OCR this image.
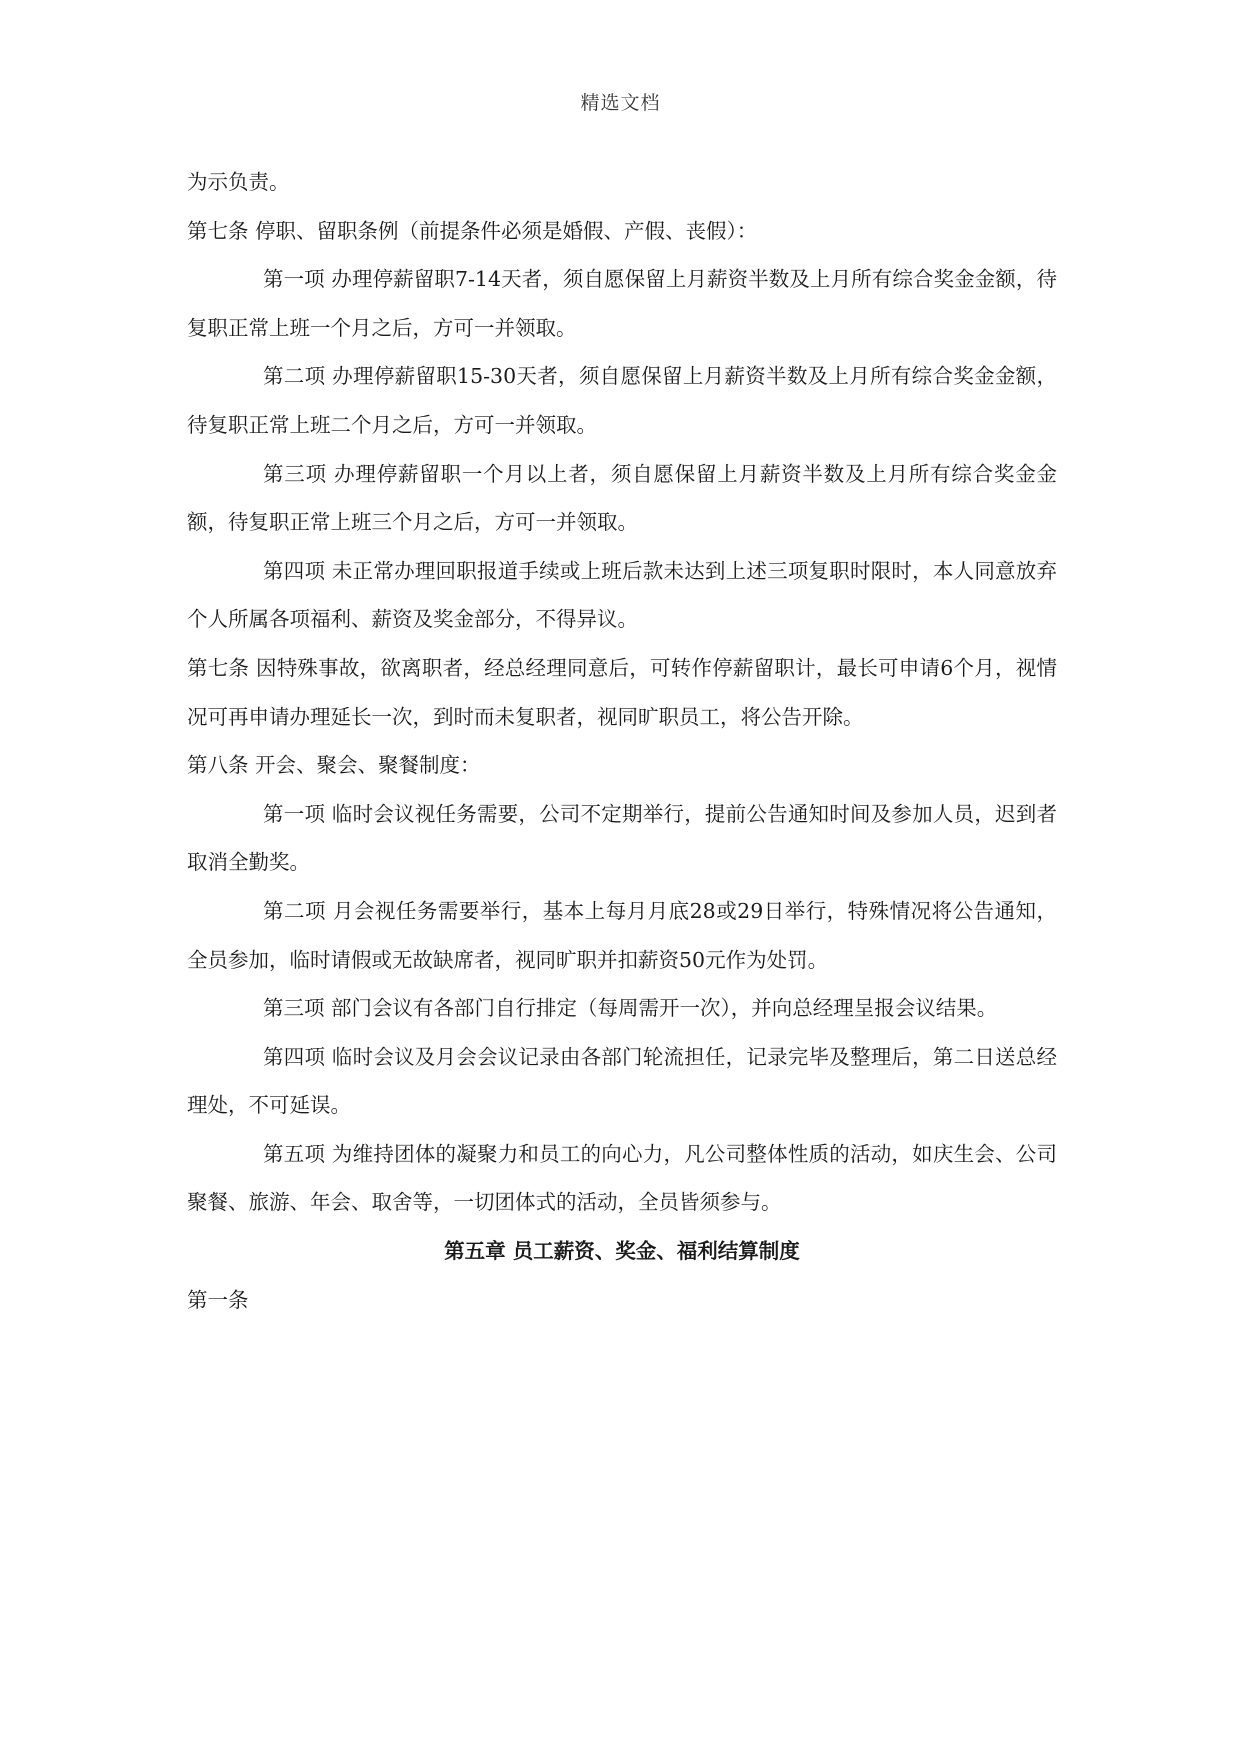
精选文档

为示负责。

第七条 停职、留职条例（前提条件必须是婚假、产假、丧假）：

第一项 办理停薪留职7-14天者，须自愿保留上月薪资半数及上月所有综合奖金金额，待复职正常上班一个月之后，方可一并领取。

第二项 办理停薪留职15-30天者，须自愿保留上月薪资半数及上月所有综合奖金金额，待复职正常上班二个月之后，方可一并领取。

第三项 办理停薪留职一个月以上者，须自愿保留上月薪资半数及上月所有综合奖金金额，待复职正常上班三个月之后，方可一并领取。

第四项 未正常办理回职报道手续或上班后款未达到上述三项复职时限时，本人同意放弃个人所属各项福利、薪资及奖金部分，不得异议。

第七条 因特殊事故，欲离职者，经总经理同意后，可转作停薪留职计，最长可申请6个月，视情况可再申请办理延长一次，到时而未复职者，视同旷职员工，将公告开除。

第八条 开会、聚会、聚餐制度：

第一项 临时会议视任务需要，公司不定期举行，提前公告通知时间及参加人员，迟到者取消全勤奖。

第二项 月会视任务需要举行，基本上每月月底28或29日举行，特殊情况将公告通知，全员参加，临时请假或无故缺席者，视同旷职并扣薪资50元作为处罚。

第三项 部门会议有各部门自行排定（每周需开一次），并向总经理呈报会议结果。

第四项 临时会议及月会会议记录由各部门轮流担任，记录完毕及整理后，第二日送总经理处，不可延误。

第五项 为维持团体的凝聚力和员工的向心力，凡公司整体性质的活动，如庆生会、公司聚餐、旅游、年会、取舍等，一切团体式的活动，全员皆须参与。

第五章 员工薪资、奖金、福利结算制度

第一条
